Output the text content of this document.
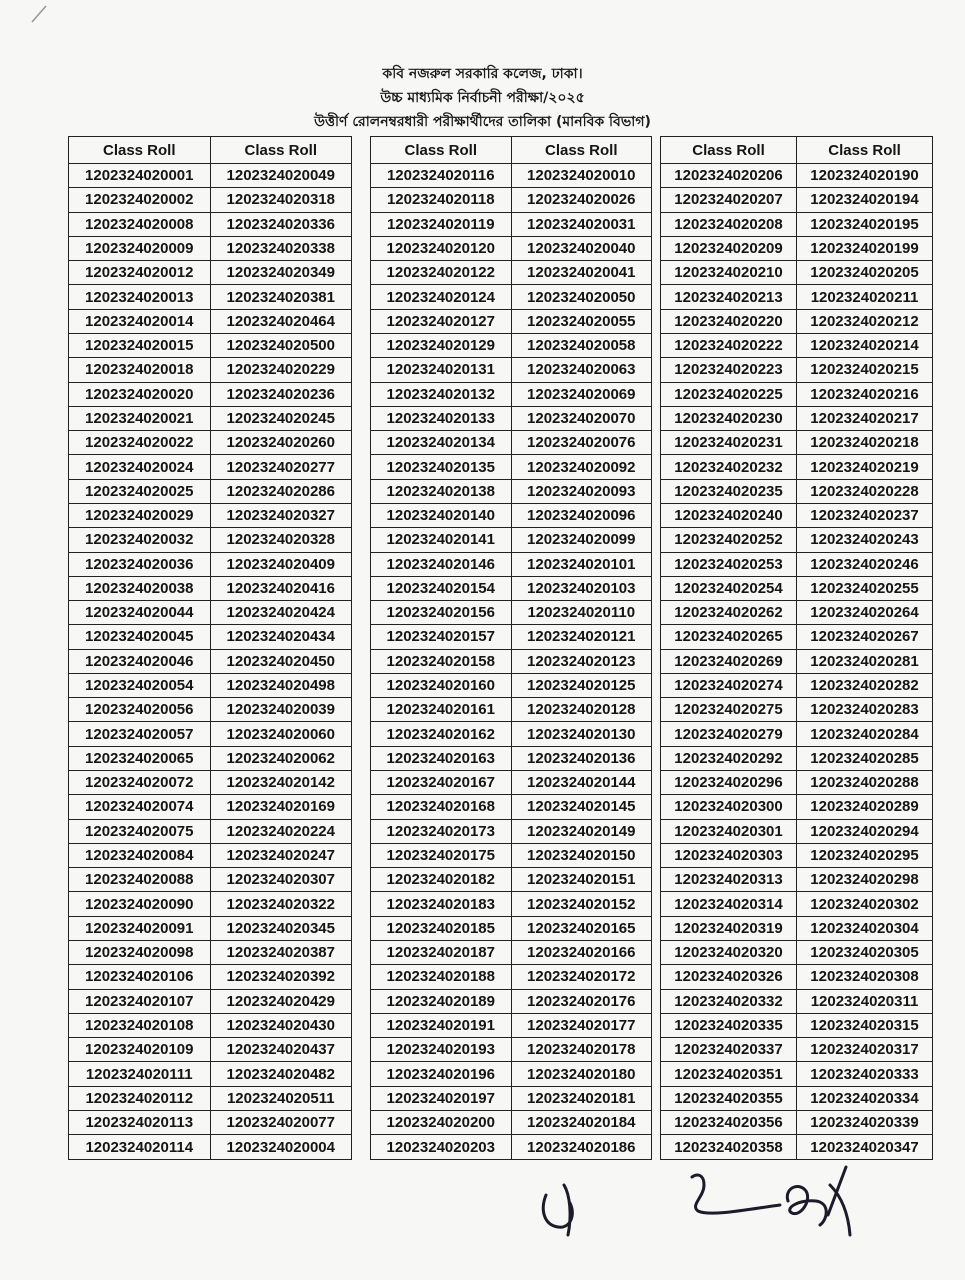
কবি নজরুল সরকারি কলেজ, ঢাকা।
উচ্চ মাধ্যমিক নির্বাচনী পরীক্ষা/২০২৫
উত্তীর্ণ রোলনম্বরধারী পরীক্ষার্থীদের তালিকা (মানবিক বিভাগ)
Class Roll	Class Roll
1202324020001	1202324020049
1202324020002	1202324020318
1202324020008	1202324020336
1202324020009	1202324020338
1202324020012	1202324020349
1202324020013	1202324020381
1202324020014	1202324020464
1202324020015	1202324020500
1202324020018	1202324020229
1202324020020	1202324020236
1202324020021	1202324020245
1202324020022	1202324020260
1202324020024	1202324020277
1202324020025	1202324020286
1202324020029	1202324020327
1202324020032	1202324020328
1202324020036	1202324020409
1202324020038	1202324020416
1202324020044	1202324020424
1202324020045	1202324020434
1202324020046	1202324020450
1202324020054	1202324020498
1202324020056	1202324020039
1202324020057	1202324020060
1202324020065	1202324020062
1202324020072	1202324020142
1202324020074	1202324020169
1202324020075	1202324020224
1202324020084	1202324020247
1202324020088	1202324020307
1202324020090	1202324020322
1202324020091	1202324020345
1202324020098	1202324020387
1202324020106	1202324020392
1202324020107	1202324020429
1202324020108	1202324020430
1202324020109	1202324020437
1202324020111	1202324020482
1202324020112	1202324020511
1202324020113	1202324020077
1202324020114	1202324020004
Class Roll	Class Roll
1202324020116	1202324020010
1202324020118	1202324020026
1202324020119	1202324020031
1202324020120	1202324020040
1202324020122	1202324020041
1202324020124	1202324020050
1202324020127	1202324020055
1202324020129	1202324020058
1202324020131	1202324020063
1202324020132	1202324020069
1202324020133	1202324020070
1202324020134	1202324020076
1202324020135	1202324020092
1202324020138	1202324020093
1202324020140	1202324020096
1202324020141	1202324020099
1202324020146	1202324020101
1202324020154	1202324020103
1202324020156	1202324020110
1202324020157	1202324020121
1202324020158	1202324020123
1202324020160	1202324020125
1202324020161	1202324020128
1202324020162	1202324020130
1202324020163	1202324020136
1202324020167	1202324020144
1202324020168	1202324020145
1202324020173	1202324020149
1202324020175	1202324020150
1202324020182	1202324020151
1202324020183	1202324020152
1202324020185	1202324020165
1202324020187	1202324020166
1202324020188	1202324020172
1202324020189	1202324020176
1202324020191	1202324020177
1202324020193	1202324020178
1202324020196	1202324020180
1202324020197	1202324020181
1202324020200	1202324020184
1202324020203	1202324020186
Class Roll	Class Roll
1202324020206	1202324020190
1202324020207	1202324020194
1202324020208	1202324020195
1202324020209	1202324020199
1202324020210	1202324020205
1202324020213	1202324020211
1202324020220	1202324020212
1202324020222	1202324020214
1202324020223	1202324020215
1202324020225	1202324020216
1202324020230	1202324020217
1202324020231	1202324020218
1202324020232	1202324020219
1202324020235	1202324020228
1202324020240	1202324020237
1202324020252	1202324020243
1202324020253	1202324020246
1202324020254	1202324020255
1202324020262	1202324020264
1202324020265	1202324020267
1202324020269	1202324020281
1202324020274	1202324020282
1202324020275	1202324020283
1202324020279	1202324020284
1202324020292	1202324020285
1202324020296	1202324020288
1202324020300	1202324020289
1202324020301	1202324020294
1202324020303	1202324020295
1202324020313	1202324020298
1202324020314	1202324020302
1202324020319	1202324020304
1202324020320	1202324020305
1202324020326	1202324020308
1202324020332	1202324020311
1202324020335	1202324020315
1202324020337	1202324020317
1202324020351	1202324020333
1202324020355	1202324020334
1202324020356	1202324020339
1202324020358	1202324020347
